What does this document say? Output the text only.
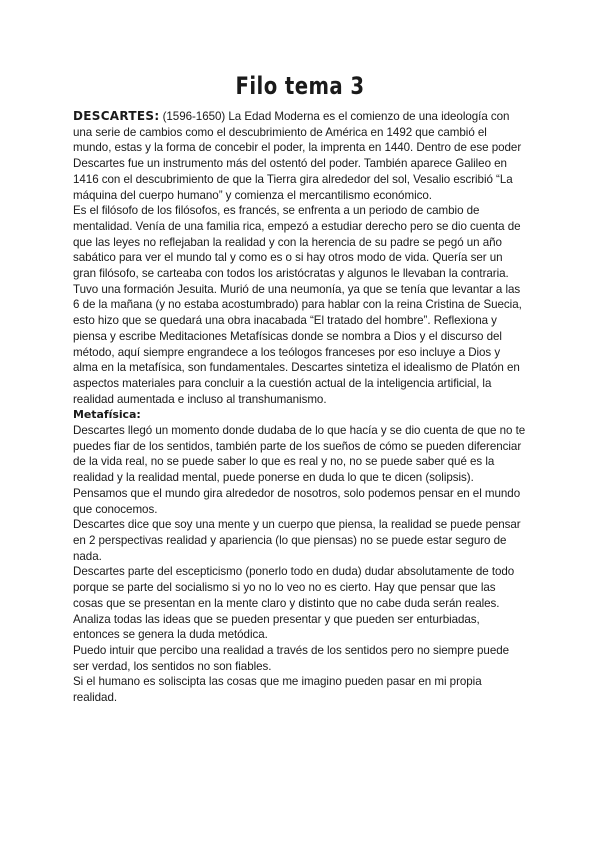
Filo tema 3

DESCARTES: (1596-1650) La Edad Moderna es el comienzo de una ideología con una serie de cambios como el descubrimiento de América en 1492 que cambió el mundo, estas y la forma de concebir el poder, la imprenta en 1440. Dentro de ese poder Descartes fue un instrumento más del ostentó del poder. También aparece Galileo en 1416 con el descubrimiento de que la Tierra gira alrededor del sol, Vesalio escribió “La máquina del cuerpo humano” y comienza el mercantilismo económico.

Es el filósofo de los filósofos, es francés, se enfrenta a un periodo de cambio de mentalidad. Venía de una familia rica, empezó a estudiar derecho pero se dio cuenta de que las leyes no reflejaban la realidad y con la herencia de su padre se pegó un año sabático para ver el mundo tal y como es o si hay otros modo de vida. Quería ser un gran filósofo, se carteaba con todos los aristócratas y algunos le llevaban la contraria. Tuvo una formación Jesuita. Murió de una neumonía, ya que se tenía que levantar a las 6 de la mañana (y no estaba acostumbrado) para hablar con la reina Cristina de Suecia, esto hizo que se quedará una obra inacabada “El tratado del hombre”. Reflexiona y piensa y escribe Meditaciones Metafísicas donde se nombra a Dios y el discurso del método, aquí siempre engrandece a los teólogos franceses por eso incluye a Dios y alma en la metafísica, son fundamentales. Descartes sintetiza el idealismo de Platón en aspectos materiales para concluir a la cuestión actual de la inteligencia artificial, la realidad aumentada e incluso al transhumanismo.

Metafísica:

Descartes llegó un momento donde dudaba de lo que hacía y se dio cuenta de que no te puedes fiar de los sentidos, también parte de los sueños de cómo se pueden diferenciar de la vida real, no se puede saber lo que es real y no, no se puede saber qué es la realidad y la realidad mental, puede ponerse en duda lo que te dicen (solipsis). Pensamos que el mundo gira alrededor de nosotros, solo podemos pensar en el mundo que conocemos.

Descartes dice que soy una mente y un cuerpo que piensa, la realidad se puede pensar en 2 perspectivas realidad y apariencia (lo que piensas) no se puede estar seguro de nada.

Descartes parte del escepticismo (ponerlo todo en duda) dudar absolutamente de todo porque se parte del socialismo si yo no lo veo no es cierto. Hay que pensar que las cosas que se presentan en la mente claro y distinto que no cabe duda serán reales. Analiza todas las ideas que se pueden presentar y que pueden ser enturbiadas, entonces se genera la duda metódica.

Puedo intuir que percibo una realidad a través de los sentidos pero no siempre puede ser verdad, los sentidos no son fiables.

Si el humano es soliscipta las cosas que me imagino pueden pasar en mi propia realidad.
